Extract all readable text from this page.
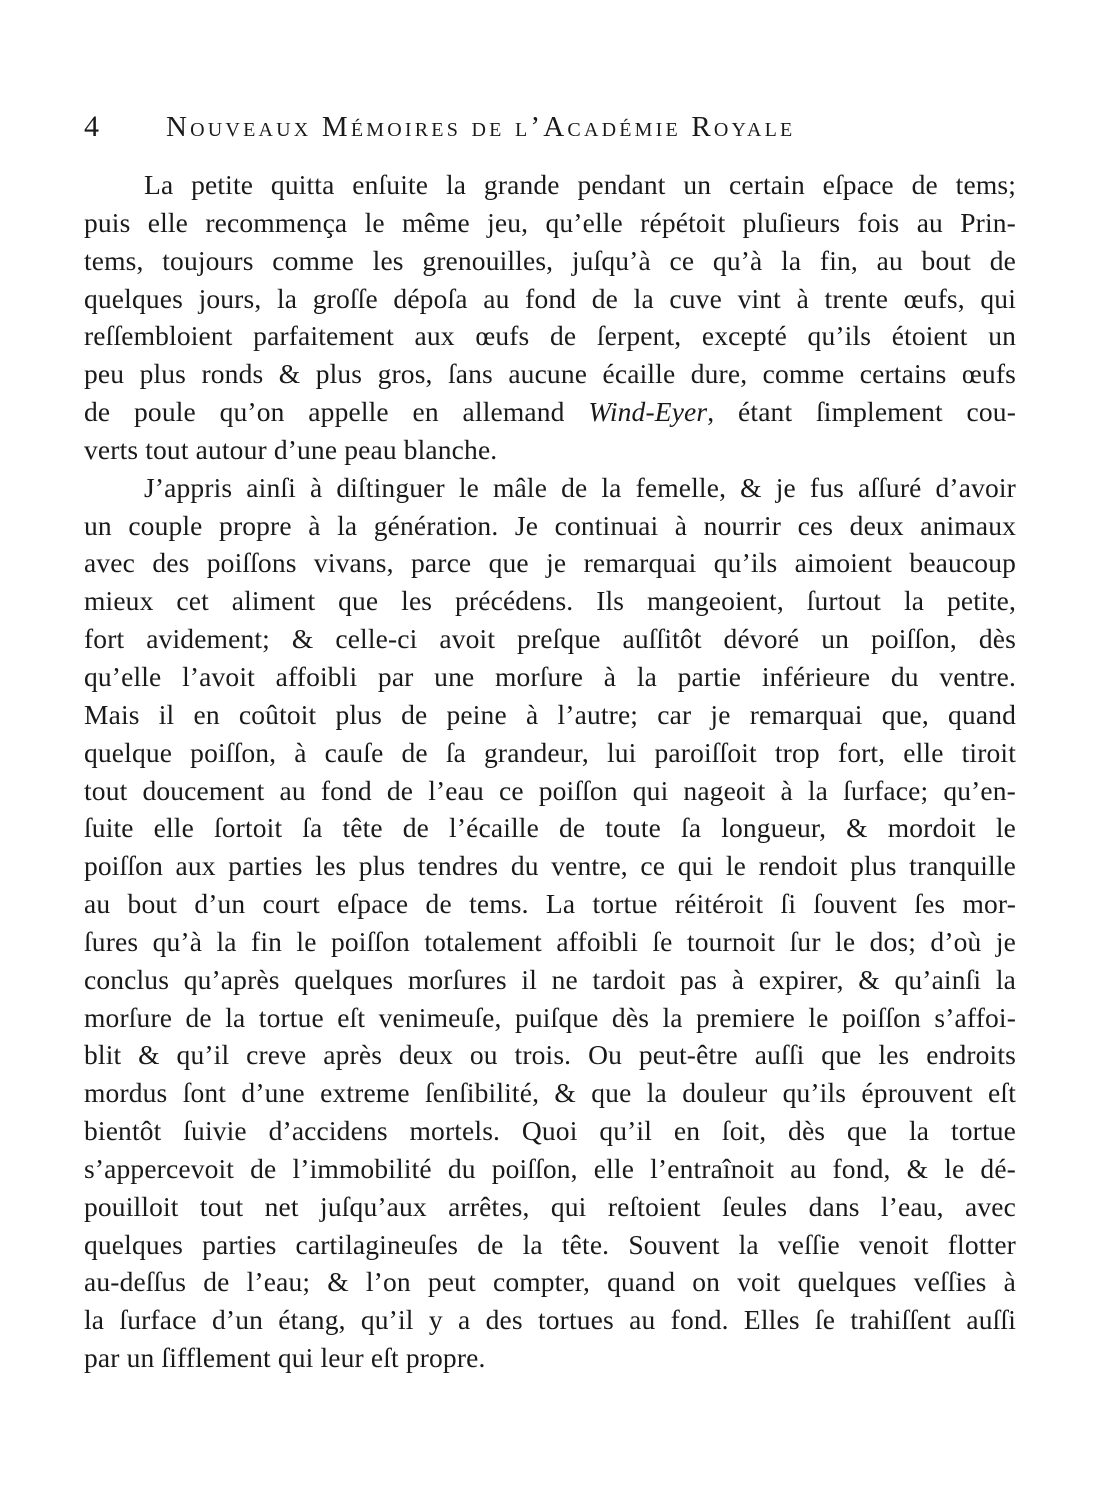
4	Nouveaux Mémoires de l’Académie Royale
La petite quitta enſuite la grande pendant un certain eſpace de tems;
puis elle recommença le même jeu, qu’elle répétoit pluſieurs fois au Prin-
tems, toujours comme les grenouilles, juſqu’à ce qu’à la fin, au bout de
quelques jours, la groſſe dépoſa au fond de la cuve vint à trente œufs, qui
reſſembloient parfaitement aux œufs de ſerpent, excepté qu’ils étoient un
peu plus ronds & plus gros, ſans aucune écaille dure, comme certains œufs
de poule qu’on appelle en allemand Wind-Eyer, étant ſimplement cou-
verts tout autour d’une peau blanche.
J’appris ainſi à diſtinguer le mâle de la femelle, & je fus aſſuré d’avoir
un couple propre à la génération. Je continuai à nourrir ces deux animaux
avec des poiſſons vivans, parce que je remarquai qu’ils aimoient beaucoup
mieux cet aliment que les précédens. Ils mangeoient, ſurtout la petite,
fort avidement; & celle-ci avoit preſque auſſitôt dévoré un poiſſon, dès
qu’elle l’avoit affoibli par une morſure à la partie inférieure du ventre.
Mais il en coûtoit plus de peine à l’autre; car je remarquai que, quand
quelque poiſſon, à cauſe de ſa grandeur, lui paroiſſoit trop fort, elle tiroit
tout doucement au fond de l’eau ce poiſſon qui nageoit à la ſurface; qu’en-
ſuite elle ſortoit ſa tête de l’écaille de toute ſa longueur, & mordoit le
poiſſon aux parties les plus tendres du ventre, ce qui le rendoit plus tranquille
au bout d’un court eſpace de tems. La tortue réitéroit ſi ſouvent ſes mor-
ſures qu’à la fin le poiſſon totalement affoibli ſe tournoit ſur le dos; d’où je
conclus qu’après quelques morſures il ne tardoit pas à expirer, & qu’ainſi la
morſure de la tortue eſt venimeuſe, puiſque dès la premiere le poiſſon s’affoi-
blit & qu’il creve après deux ou trois. Ou peut-être auſſi que les endroits
mordus ſont d’une extreme ſenſibilité, & que la douleur qu’ils éprouvent eſt
bientôt ſuivie d’accidens mortels. Quoi qu’il en ſoit, dès que la tortue
s’appercevoit de l’immobilité du poiſſon, elle l’entraînoit au fond, & le dé-
pouilloit tout net juſqu’aux arrêtes, qui reſtoient ſeules dans l’eau, avec
quelques parties cartilagineuſes de la tête. Souvent la veſſie venoit flotter
au-deſſus de l’eau; & l’on peut compter, quand on voit quelques veſſies à
la ſurface d’un étang, qu’il y a des tortues au fond. Elles ſe trahiſſent auſſi
par un ſifflement qui leur eſt propre.
